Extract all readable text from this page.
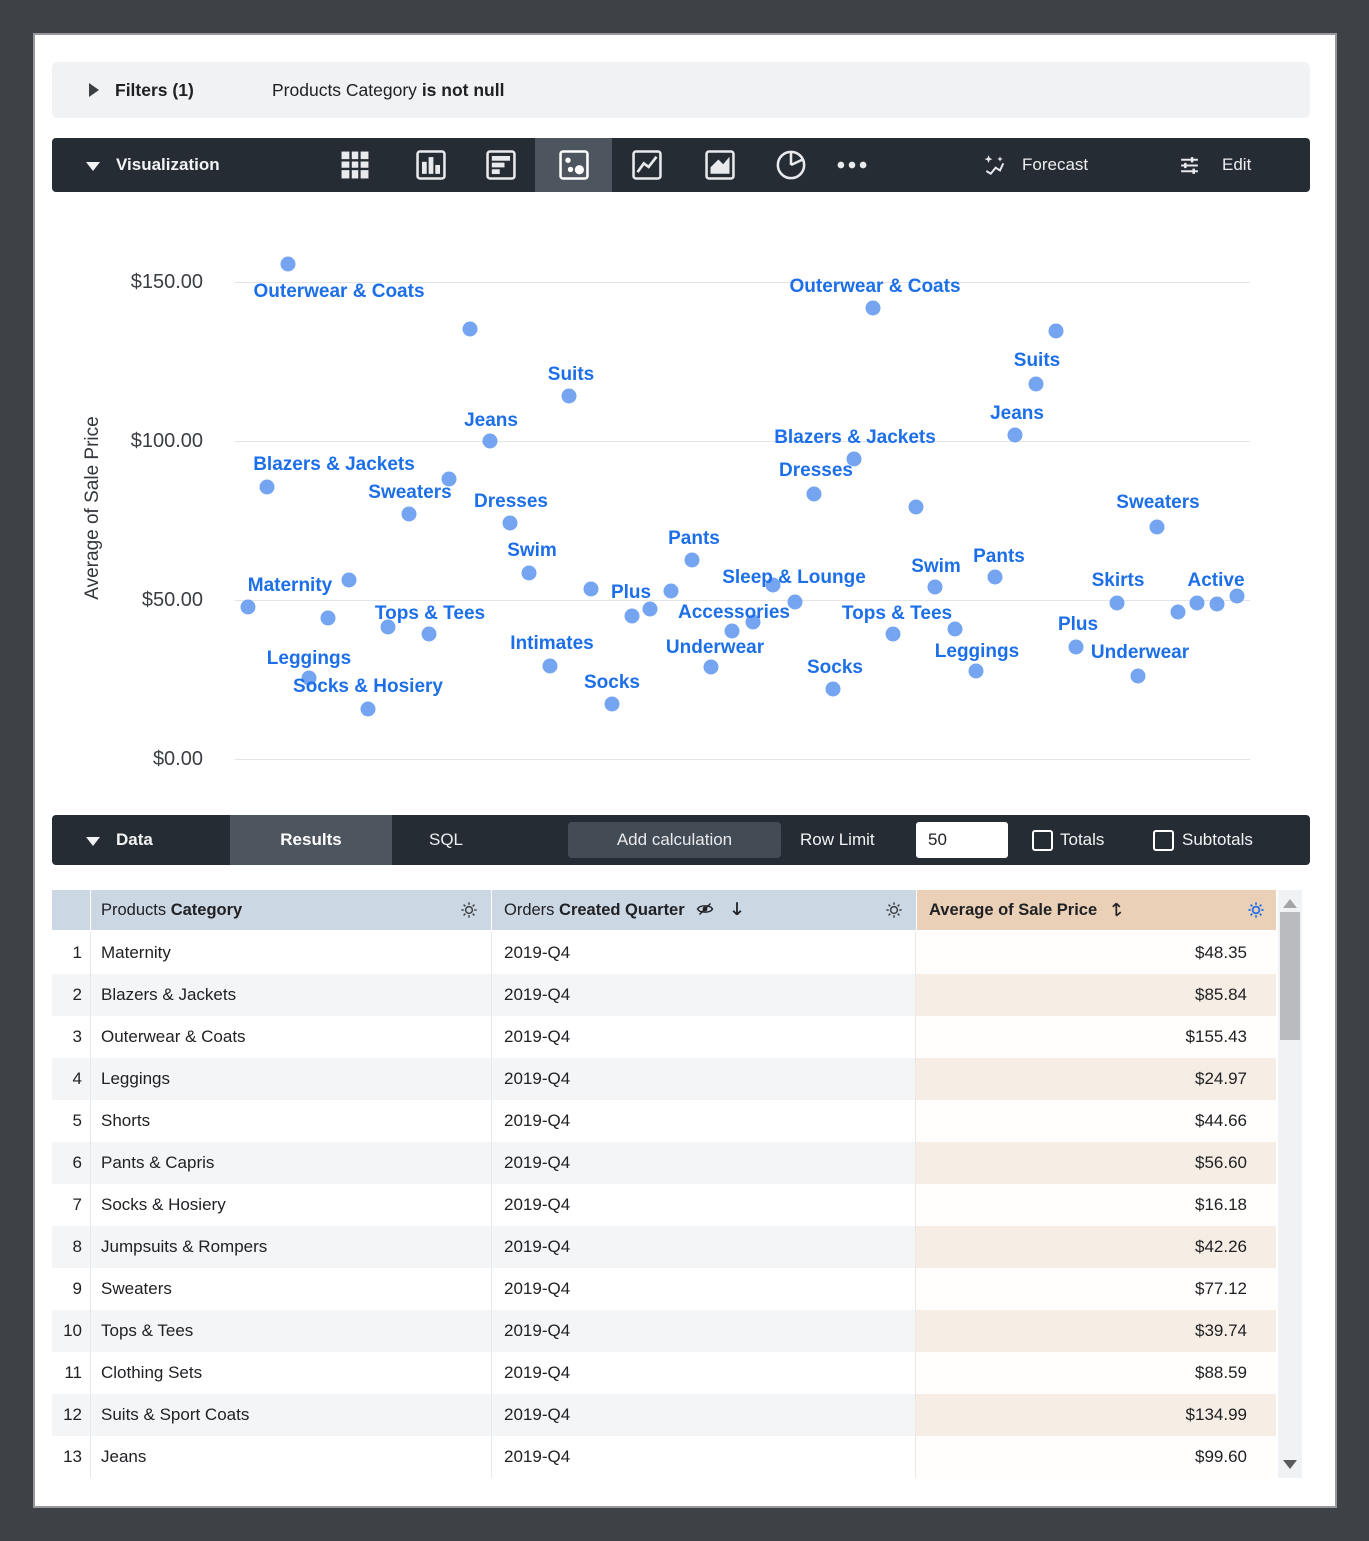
Average of Sale Price
$150.00
$100.00
$50.00
$0.00
Outerwear & Coats
Suits
Jeans
Blazers & Jackets
Sweaters Dresses
Swim
Maternity
Tops & Tees
Plus
Leggings
Socks & Hosiery
Intimates
Socks
Pants
Sleep & Lounge
Accessories
Underwear
Socks
Tops & Tees
Swim Pants
Outerwear & Coats
Suits
Jeans
Blazers & Jackets
Dresses
Sweaters
Skirts Active
Plus
Underwear
Leggings
Filters (1)	Products Category is not null
Visualization	Forecast	Edit
Data	Results	SQL	Add calculation	Row Limit
50	Totals	Subtotals
Products Category	Orders Created Quarter	Average of Sale Price
1	Maternity	2019-Q4	$48.35
2	Blazers & Jackets	2019-Q4	$85.84
3	Outerwear & Coats	2019-Q4	$155.43
4	Leggings	2019-Q4	$24.97
5	Shorts	2019-Q4	$44.66
6	Pants & Capris	2019-Q4	$56.60
7	Socks & Hosiery	2019-Q4	$16.18
8	Jumpsuits & Rompers	2019-Q4	$42.26
9	Sweaters	2019-Q4	$77.12
10	Tops & Tees	2019-Q4	$39.74
11	Clothing Sets	2019-Q4	$88.59
12	Suits & Sport Coats	2019-Q4	$134.99
13	Jeans	2019-Q4	$99.60
